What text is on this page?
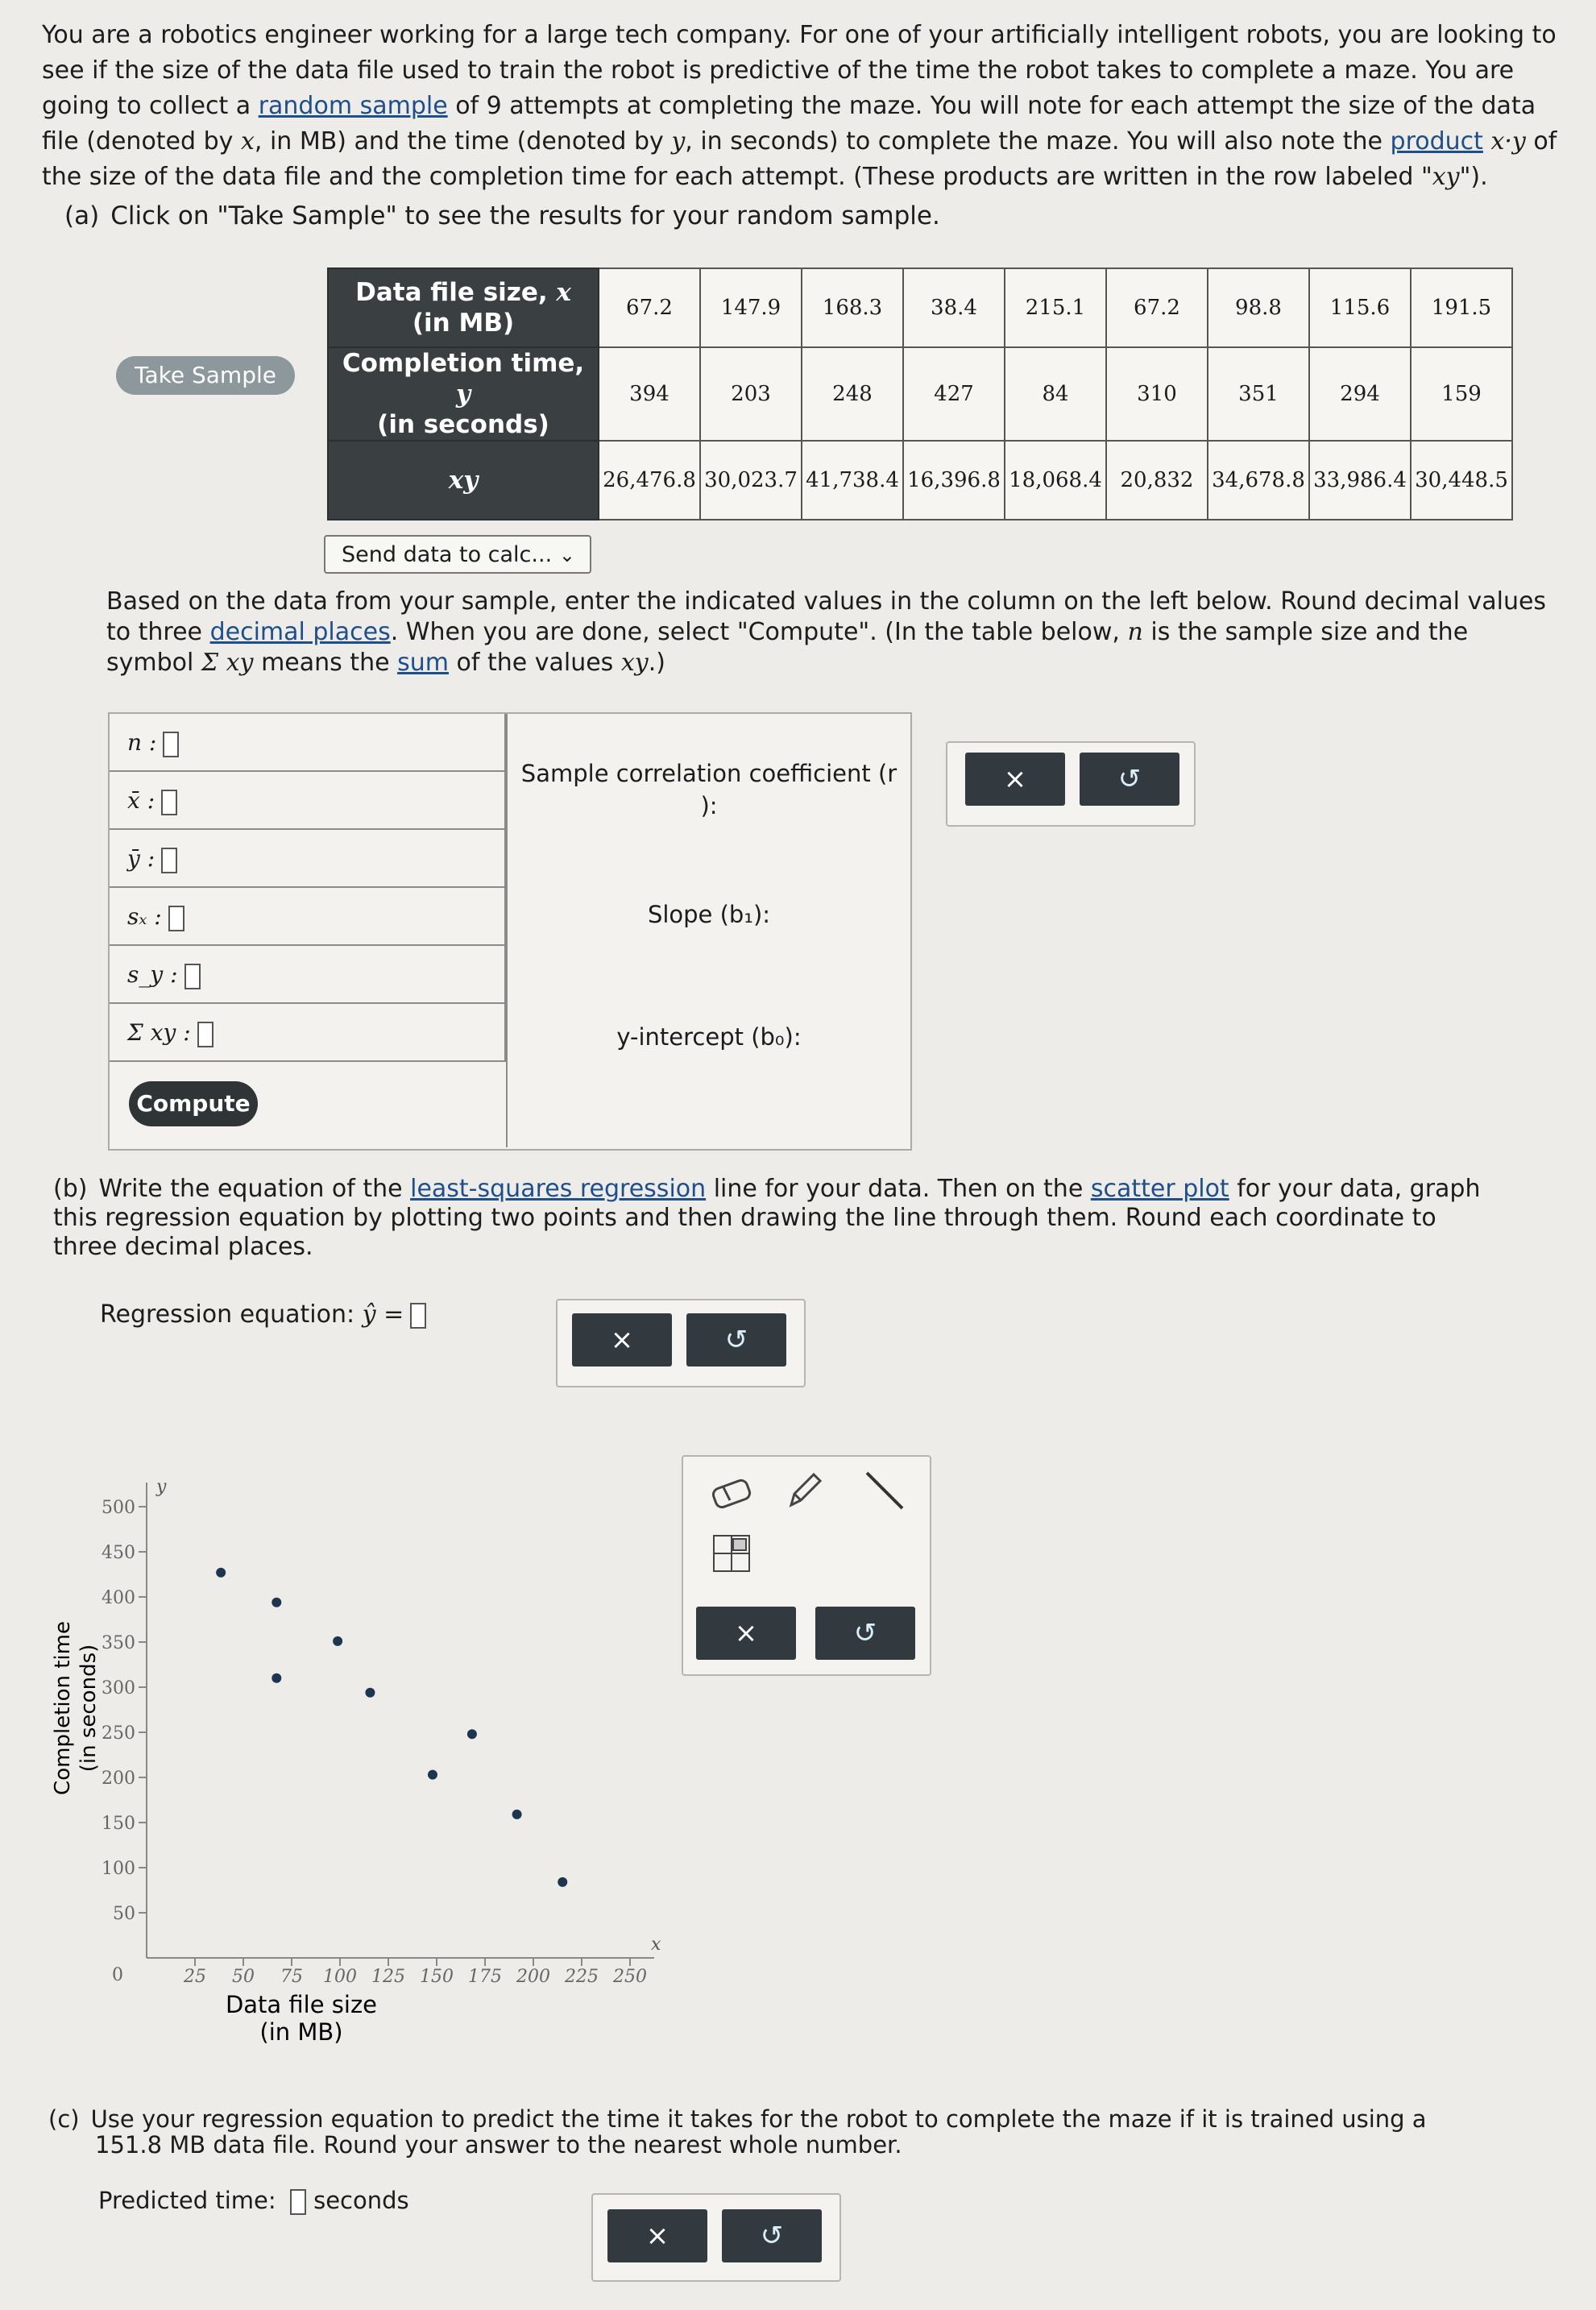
You are a robotics engineer working for a large tech company. For one of your artificially intelligent robots, you are looking to see if the size of the data file used to train the robot is predictive of the time the robot takes to complete a maze. You are going to collect a random sample of 9 attempts at completing the maze. You will note for each attempt the size of the data file (denoted by x, in MB) and the time (denoted by y, in seconds) to complete the maze. You will also note the product x·y of the size of the data file and the completion time for each attempt. (These products are written in the row labeled "xy").
(a) Click on "Take Sample" to see the results for your random sample.
Take Sample
Data file size, x
(in MB)	67.2	147.9	168.3	38.4	215.1	67.2	98.8	115.6	191.5
Completion time, y
(in seconds)	394	203	248	427	84	310	351	294	159
xy	26,476.8	30,023.7	41,738.4	16,396.8	18,068.4	20,832	34,678.8	33,986.4	30,448.5
Send data to calc... ⌄
Based on the data from your sample, enter the indicated values in the column on the left below. Round decimal values to three decimal places. When you are done, select "Compute". (In the table below, n is the sample size and the symbol Σ xy means the sum of the values xy.)
n :
x̄ :
ȳ :
sₓ :
s_y :
Σ xy :
Compute
Sample correlation coefficient (r
):
Slope (b₁):
y-intercept (b₀):
×	↺
(b) Write the equation of the least-squares regression line for your data. Then on the scatter plot for your data, graph this regression equation by plotting two points and then drawing the line through them. Round each coordinate to three decimal places.
Regression equation: ŷ =
×	↺
25 50 75 100 125 150 175 200 225 250
50
100
150
200
250
300
350
400
450
500
0
x
y
Data file size
(in MB)
Completion time (in seconds)
×	↺
(c) Use your regression equation to predict the time it takes for the robot to complete the maze if it is trained using a
151.8 MB data file. Round your answer to the nearest whole number.
Predicted time: seconds
×	↺
